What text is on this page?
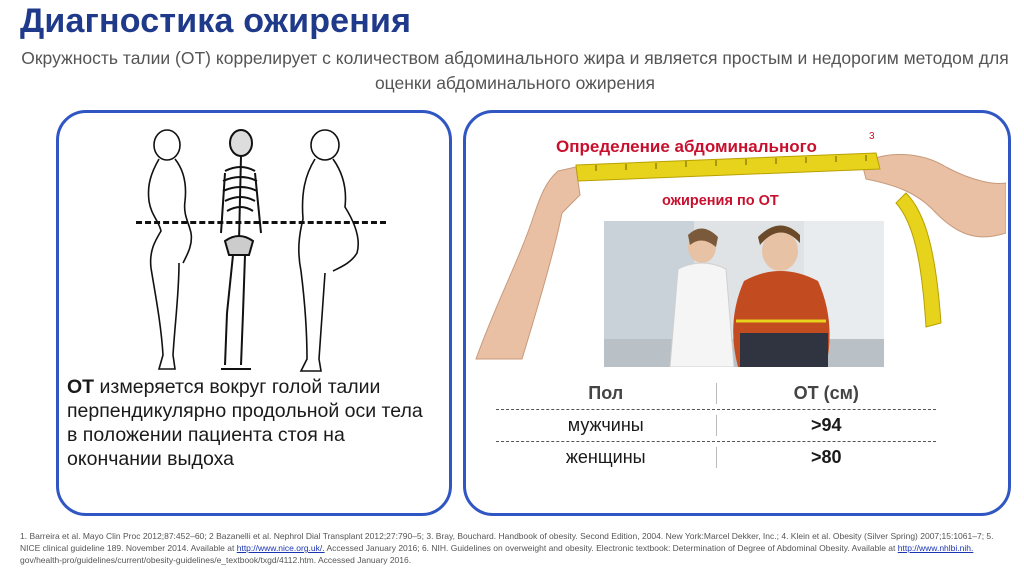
Диагностика ожирения
Окружность талии (ОТ) коррелирует с количеством абдоминального жира и является простым и недорогим методом для оценки абдоминального ожирения
ОТ измеряется вокруг голой талии перпендикулярно продольной оси тела в положении пациента стоя на окончании выдоха
Определение абдоминального
3
ожирения по ОТ
Пол	ОТ (см)
мужчины	>94
женщины	>80
1. Barreira et al. Mayo Clin Proc 2012;87:452–60; 2 Bazanelli et al. Nephrol Dial Transplant 2012;27:790–5; 3. Bray, Bouchard. Handbook of obesity. Second Edition, 2004. New York:Marcel Dekker, Inc.; 4. Klein et al. Obesity (Silver Spring) 2007;15:1061–7; 5. NICE clinical guideline 189. November 2014. Available at http://www.nice.org.uk/. Accessed January 2016; 6. NIH. Guidelines on overweight and obesity. Electronic textbook: Determination of Degree of Abdominal Obesity. Available at http://www.nhlbi.nih. gov/health-pro/guidelines/current/obesity-guidelines/e_textbook/txgd/4112.htm. Accessed January 2016.
